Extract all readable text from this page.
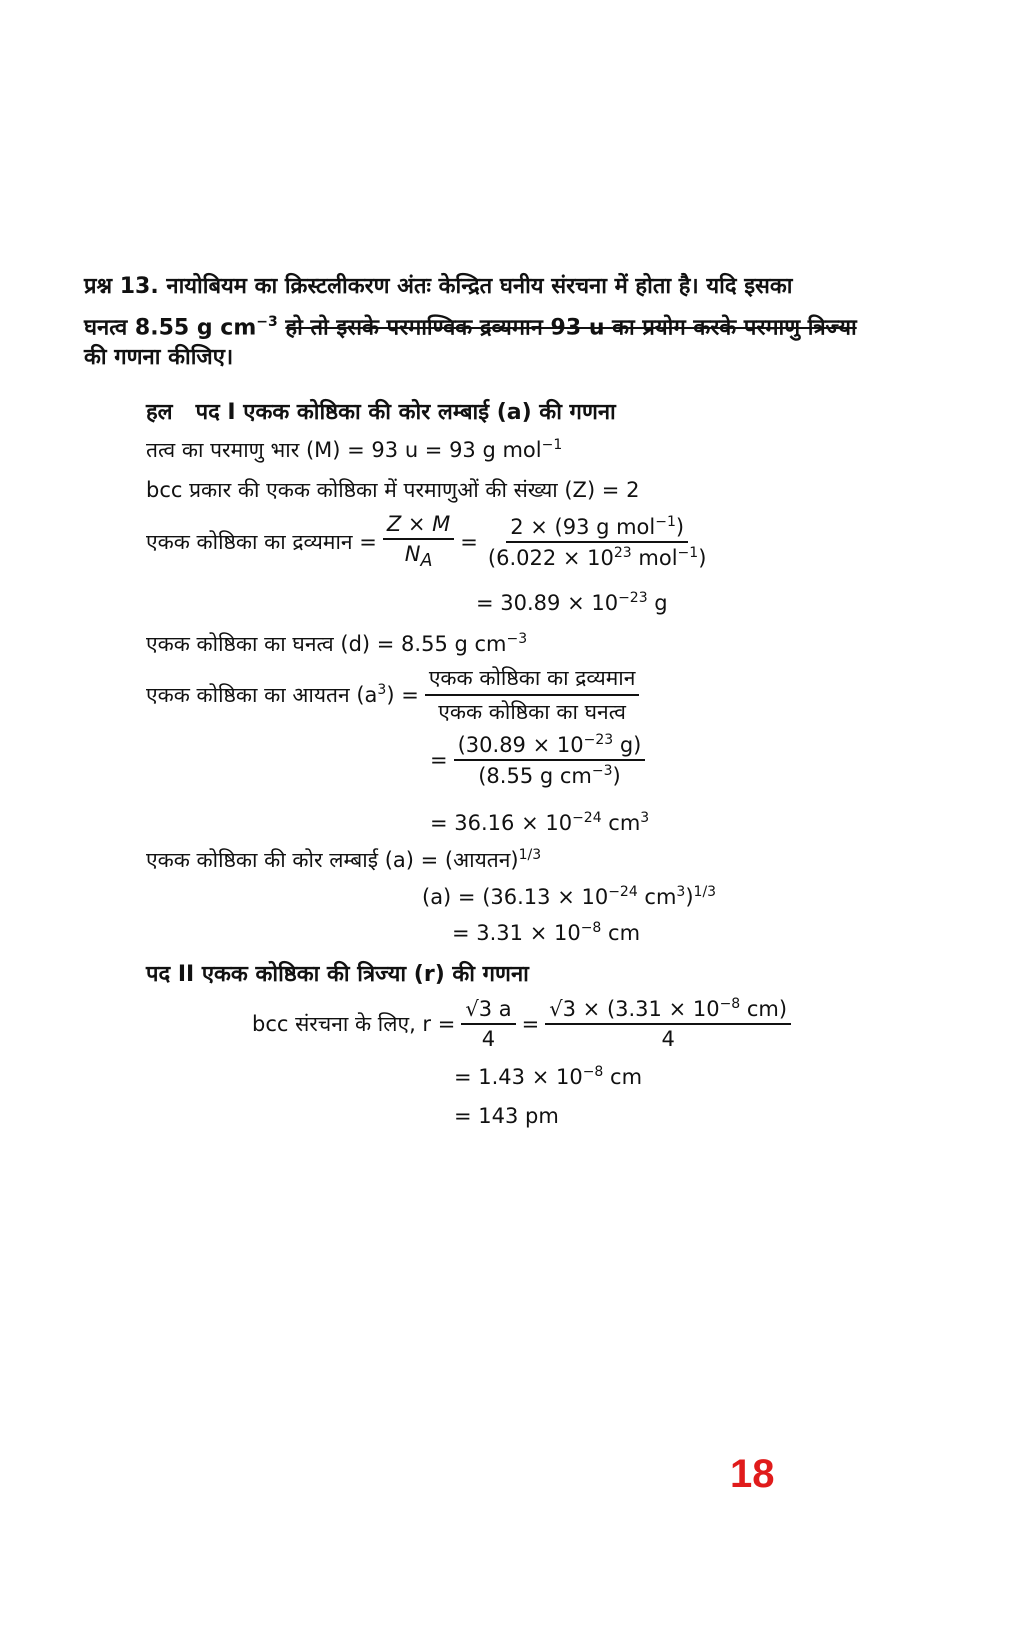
प्रश्न 13. नायोबियम का क्रिस्टलीकरण अंतः केन्द्रित घनीय संरचना में होता है। यदि इसका
घनत्व 8.55 g $cm^{-3}$ हो तो इसके परमाण्विक द्रव्यमान 93 u का प्रयोग करके परमाणु त्रिज्या
की गणना कीजिए।
हल पद I एकक कोष्ठिका की कोर लम्बाई (a) की गणना
तत्व का परमाणु भार (M) = 93 u = 93 g mol$^{-1}$
bcc प्रकार की एकक कोष्ठिका में परमाणुओं की संख्या (Z) = 2
एकक कोष्ठिका का द्रव्यमान = $\frac{Z \times M}{N_A} = \frac{2 \times (93 g mol^{-1})}{(6.022 \times 10^{23} mol^{-1})}$
= $30.89 \times 10^{-23}$ g
एकक कोष्ठिका का घनत्व (d) = 8.55 g $cm^{-3}$
एकक कोष्ठिका का आयतन $(a^3) = \frac{\text{एकक कोष्ठिका का द्रव्यमान}}{\text{एकक कोष्ठिका का घनत्व}}$
= $\frac{(30.89 \times 10^{-23} g)}{(8.55 g cm^{-3})}$
= $36.16 \times 10^{-24}$ $cm^3$
एकक कोष्ठिका की कोर लम्बाई (a) = (आयतन)$^{1/3}$
$(a) = (36.13 \times 10^{-24}$ $cm^3)^{1/3}$
= $3.31 \times 10^{-8}$ cm
पद II एकक कोष्ठिका की त्रिज्या (r) की गणना
bcc संरचना के लिए, $r = \frac{√3 a}{4} = \frac{√3 \times (3.31 \times 10^{-8} cm)}{4}$
= $1.43 \times 10^{-8}$ cm
= 143 pm
18
